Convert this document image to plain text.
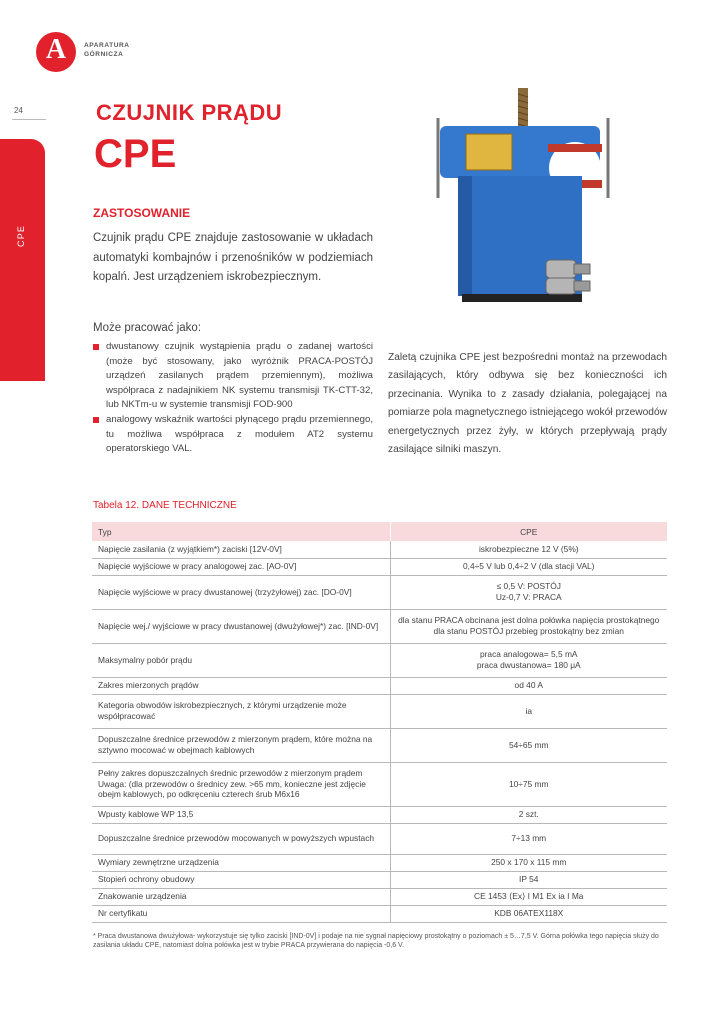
A	APARATURA
GÓRNICZA
24
CPE
CZUJNIK PRĄDU
CPE
ZASTOSOWANIE

Czujnik prądu CPE znajduje zastosowanie w układach automatyki kombajnów i przenośników w podziemiach kopalń. Jest urządzeniem iskrobezpiecznym.

Może pracować jako:
dwustanowy czujnik wystąpienia prądu o zadanej wartości (może być stosowany, jako wyróżnik PRACA-POSTÓJ urządzeń zasilanych prądem przemiennym), możliwa współpraca z nadajnikiem NK systemu transmisji TK-CTT-32, lub NKTm-u w systemie transmisji FOD-900
analogowy wskaźnik wartości płynącego prądu przemiennego, tu możliwa współpraca z modułem AT2 systemu operatorskiego VAL.

Zaletą czujnika CPE jest bezpośredni montaż na przewodach zasilających, który odbywa się bez konieczności ich przecinania. Wynika to z zasady działania, polegającej na pomiarze pola magnetycznego istniejącego wokół przewodów energetycznych przez żyły, w których przepływają prądy zasilające silniki maszyn.

Tabela 12. DANE TECHNICZNE
Typ	CPE
Napięcie zasilania (z wyjątkiem*) zaciski [12V-0V]	iskrobezpieczne 12 V (5%)
Napięcie wyjściowe w pracy analogowej zac. [AO-0V]	0,4÷5 V lub 0,4÷2 V (dla stacji VAL)
Napięcie wyjściowe w pracy dwustanowej (trzyżyłowej) zac. [DO-0V]	≤ 0,5 V: POSTÓJ
Uz-0,7 V: PRACA

Napięcie wej./ wyjściowe w pracy dwustanowej (dwużyłowej*) zac. [IND-0V]	dla stanu PRACA obcinana jest dolna połówka napięcia prostokątnego dla stanu POSTÓJ przebieg prostokątny bez zmian
Maksymalny pobór prądu	praca analogowa= 5,5 mA
praca dwustanowa= 180 μA

Zakres mierzonych prądów	od 40 A
Kategoria obwodów iskrobezpiecznych, z którymi urządzenie może współpracować	ia
Dopuszczalne średnice przewodów z mierzonym prądem, które można na sztywno mocować w obejmach kablowych	54÷65 mm
Pełny zakres dopuszczalnych średnic przewodów z mierzonym prądem Uwaga: (dla przewodów o średnicy zew. >65 mm, konieczne jest zdjęcie obejm kablowych, po odkręceniu czterech śrub M6x16	10÷75 mm
Wpusty kablowe WP 13,5	2 szt.
Dopuszczalne średnice przewodów mocowanych w powyższych wpustach	7÷13 mm
Wymiary zewnętrzne urządzenia	250 x 170 x 115 mm
Stopień ochrony obudowy	IP 54
Znakowanie urządzenia	CE 1453 ⟨Ex⟩ I M1 Ex ia I Ma
Nr certyfikatu	KDB 06ATEX118X
* Praca dwustanowa dwużyłowa- wykorzystuje się tylko zaciski [IND-0V] i podaje na nie sygnał napięciowy prostokątny o poziomach ± 5…7,5 V. Górna połówka tego napięcia służy do zasilania układu CPE, natomiast dolna połówka jest w trybie PRACA przywierana do napięcia -0,6 V.
